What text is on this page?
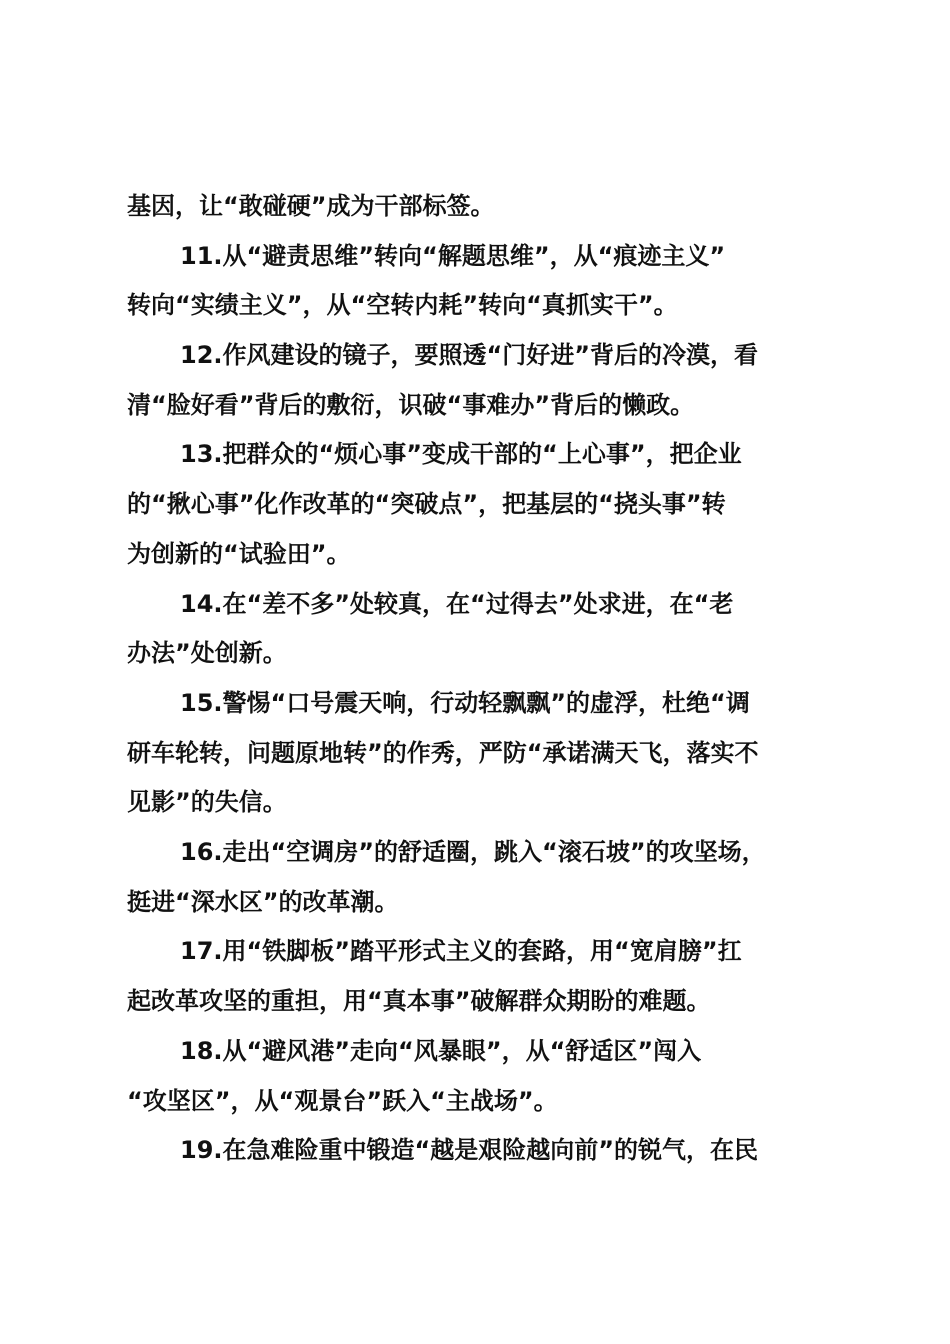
基因，让“敢碰硬”成为干部标签。
11.从“避责思维”转向“解题思维”，从“痕迹主义”
转向“实绩主义”，从“空转内耗”转向“真抓实干”。
12.作风建设的镜子，要照透“门好进”背后的冷漠，看
清“脸好看”背后的敷衍，识破“事难办”背后的懒政。
13.把群众的“烦心事”变成干部的“上心事”，把企业
的“揪心事”化作改革的“突破点”，把基层的“挠头事”转
为创新的“试验田”。
14.在“差不多”处较真，在“过得去”处求进，在“老
办法”处创新。
15.警惕“口号震天响，行动轻飘飘”的虚浮，杜绝“调
研车轮转，问题原地转”的作秀，严防“承诺满天飞，落实不
见影”的失信。
16.走出“空调房”的舒适圈，跳入“滚石坡”的攻坚场，
挺进“深水区”的改革潮。
17.用“铁脚板”踏平形式主义的套路，用“宽肩膀”扛
起改革攻坚的重担，用“真本事”破解群众期盼的难题。
18.从“避风港”走向“风暴眼”，从“舒适区”闯入
“攻坚区”，从“观景台”跃入“主战场”。
19.在急难险重中锻造“越是艰险越向前”的锐气，在民
